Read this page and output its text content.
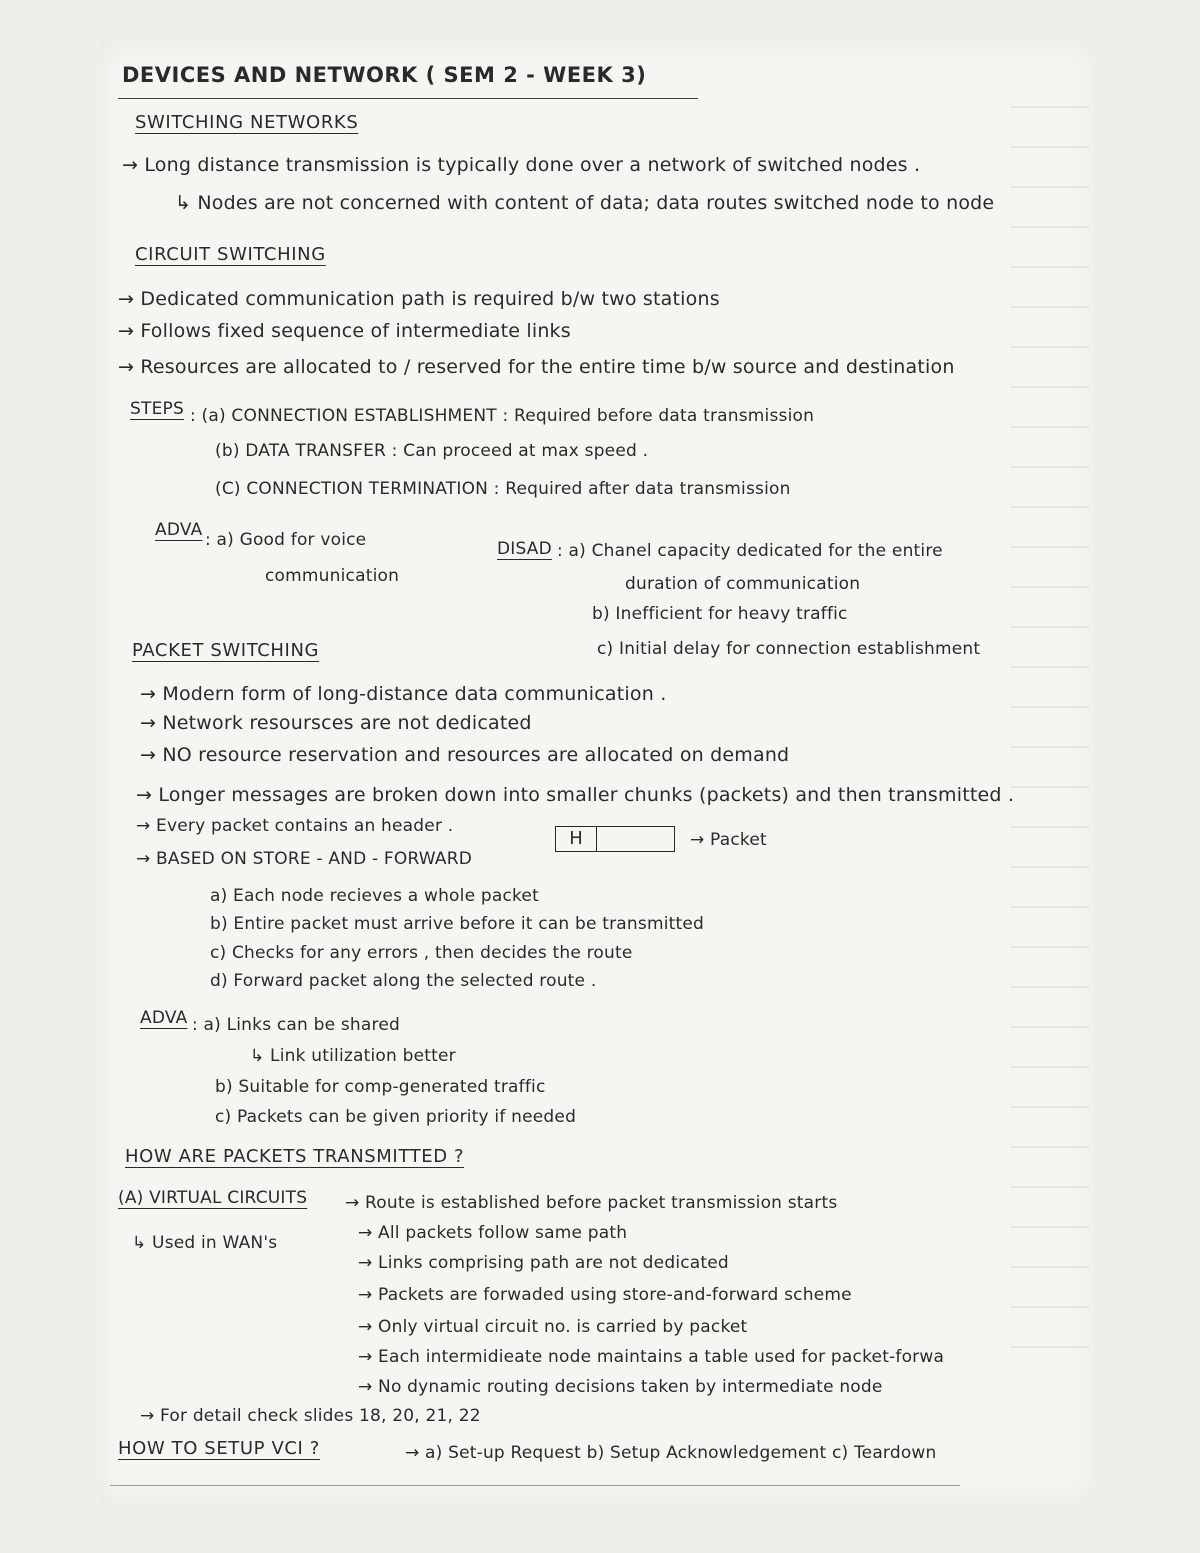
DEVICES AND NETWORK ( SEM 2 - WEEK 3)
SWITCHING NETWORKS
→ Long distance transmission is typically done over a network of switched nodes .
↳ Nodes are not concerned with content of data; data routes switched node to node
CIRCUIT SWITCHING
→ Dedicated communication path is required b/w two stations
→ Follows fixed sequence of intermediate links
→ Resources are allocated to / reserved for the entire time b/w source and destination
STEPS : (a) CONNECTION ESTABLISHMENT : Required before data transmission
(b) DATA TRANSFER : Can proceed at max speed .
(C) CONNECTION TERMINATION : Required after data transmission
ADVA : a) Good for voice
communication
DISAD : a) Chanel capacity dedicated for the entire
duration of communication
b) Inefficient for heavy traffic
c) Initial delay for connection establishment
PACKET SWITCHING
→ Modern form of long-distance data communication .
→ Network resoursces are not dedicated
→ NO resource reservation and resources are allocated on demand
→ Longer messages are broken down into smaller chunks (packets) and then transmitted .
→ Every packet contains an header .
H	→ Packet
→ BASED ON STORE - AND - FORWARD
a) Each node recieves a whole packet
b) Entire packet must arrive before it can be transmitted
c) Checks for any errors , then decides the route
d) Forward packet along the selected route .
ADVA : a) Links can be shared
↳ Link utilization better
b) Suitable for comp-generated traffic
c) Packets can be given priority if needed
HOW ARE PACKETS TRANSMITTED ?
(A) VIRTUAL CIRCUITS → Route is established before packet transmission starts
↳ Used in WAN's	→ All packets follow same path
→ Links comprising path are not dedicated
→ Packets are forwaded using store-and-forward scheme
→ Only virtual circuit no. is carried by packet
→ Each intermidieate node maintains a table used for packet-forwa
→ No dynamic routing decisions taken by intermediate node
→ For detail check slides 18, 20, 21, 22
HOW TO SETUP VCI ?	→ a) Set-up Request b) Setup Acknowledgement c) Teardown
